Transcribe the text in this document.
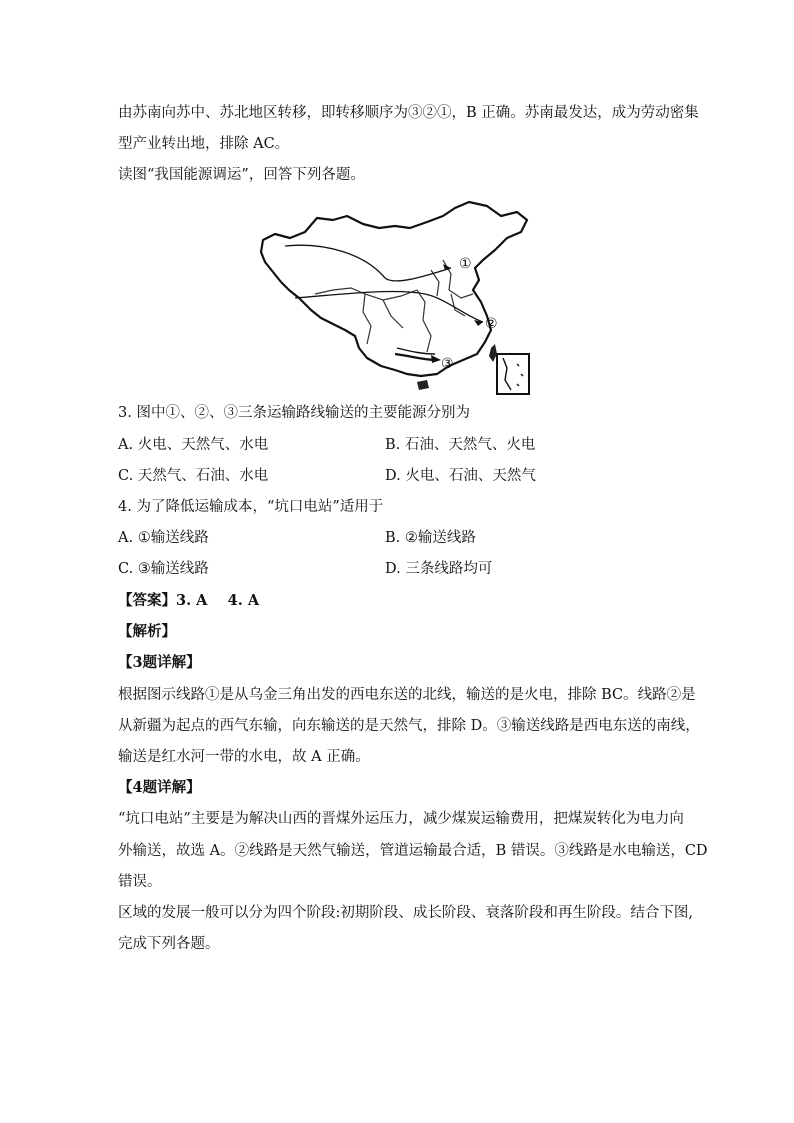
由苏南向苏中、苏北地区转移，即转移顺序为③②①，B 正确。苏南最发达，成为劳动密集
型产业转出地，排除 AC。
读图“我国能源调运”，回答下列各题。
①
②
③
3. 图中①、②、③三条运输路线输送的主要能源分别为
A. 火电、天然气、水电	B. 石油、天然气、火电
C. 天然气、石油、水电	D. 火电、石油、天然气
4. 为了降低运输成本，“坑口电站”适用于
A. ①输送线路	B. ②输送线路
C. ③输送线路	D. 三条线路均可
【答案】3. A    4. A
【解析】
【3题详解】
根据图示线路①是从乌金三角出发的西电东送的北线，输送的是火电，排除 BC。线路②是
从新疆为起点的西气东输，向东输送的是天然气，排除 D。③输送线路是西电东送的南线，
输送是红水河一带的水电，故 A 正确。
【4题详解】
“坑口电站”主要是为解决山西的晋煤外运压力，减少煤炭运输费用，把煤炭转化为电力向
外输送，故选 A。②线路是天然气输送，管道运输最合适，B 错误。③线路是水电输送，CD
错误。
区域的发展一般可以分为四个阶段:初期阶段、成长阶段、衰落阶段和再生阶段。结合下图,
完成下列各题。
